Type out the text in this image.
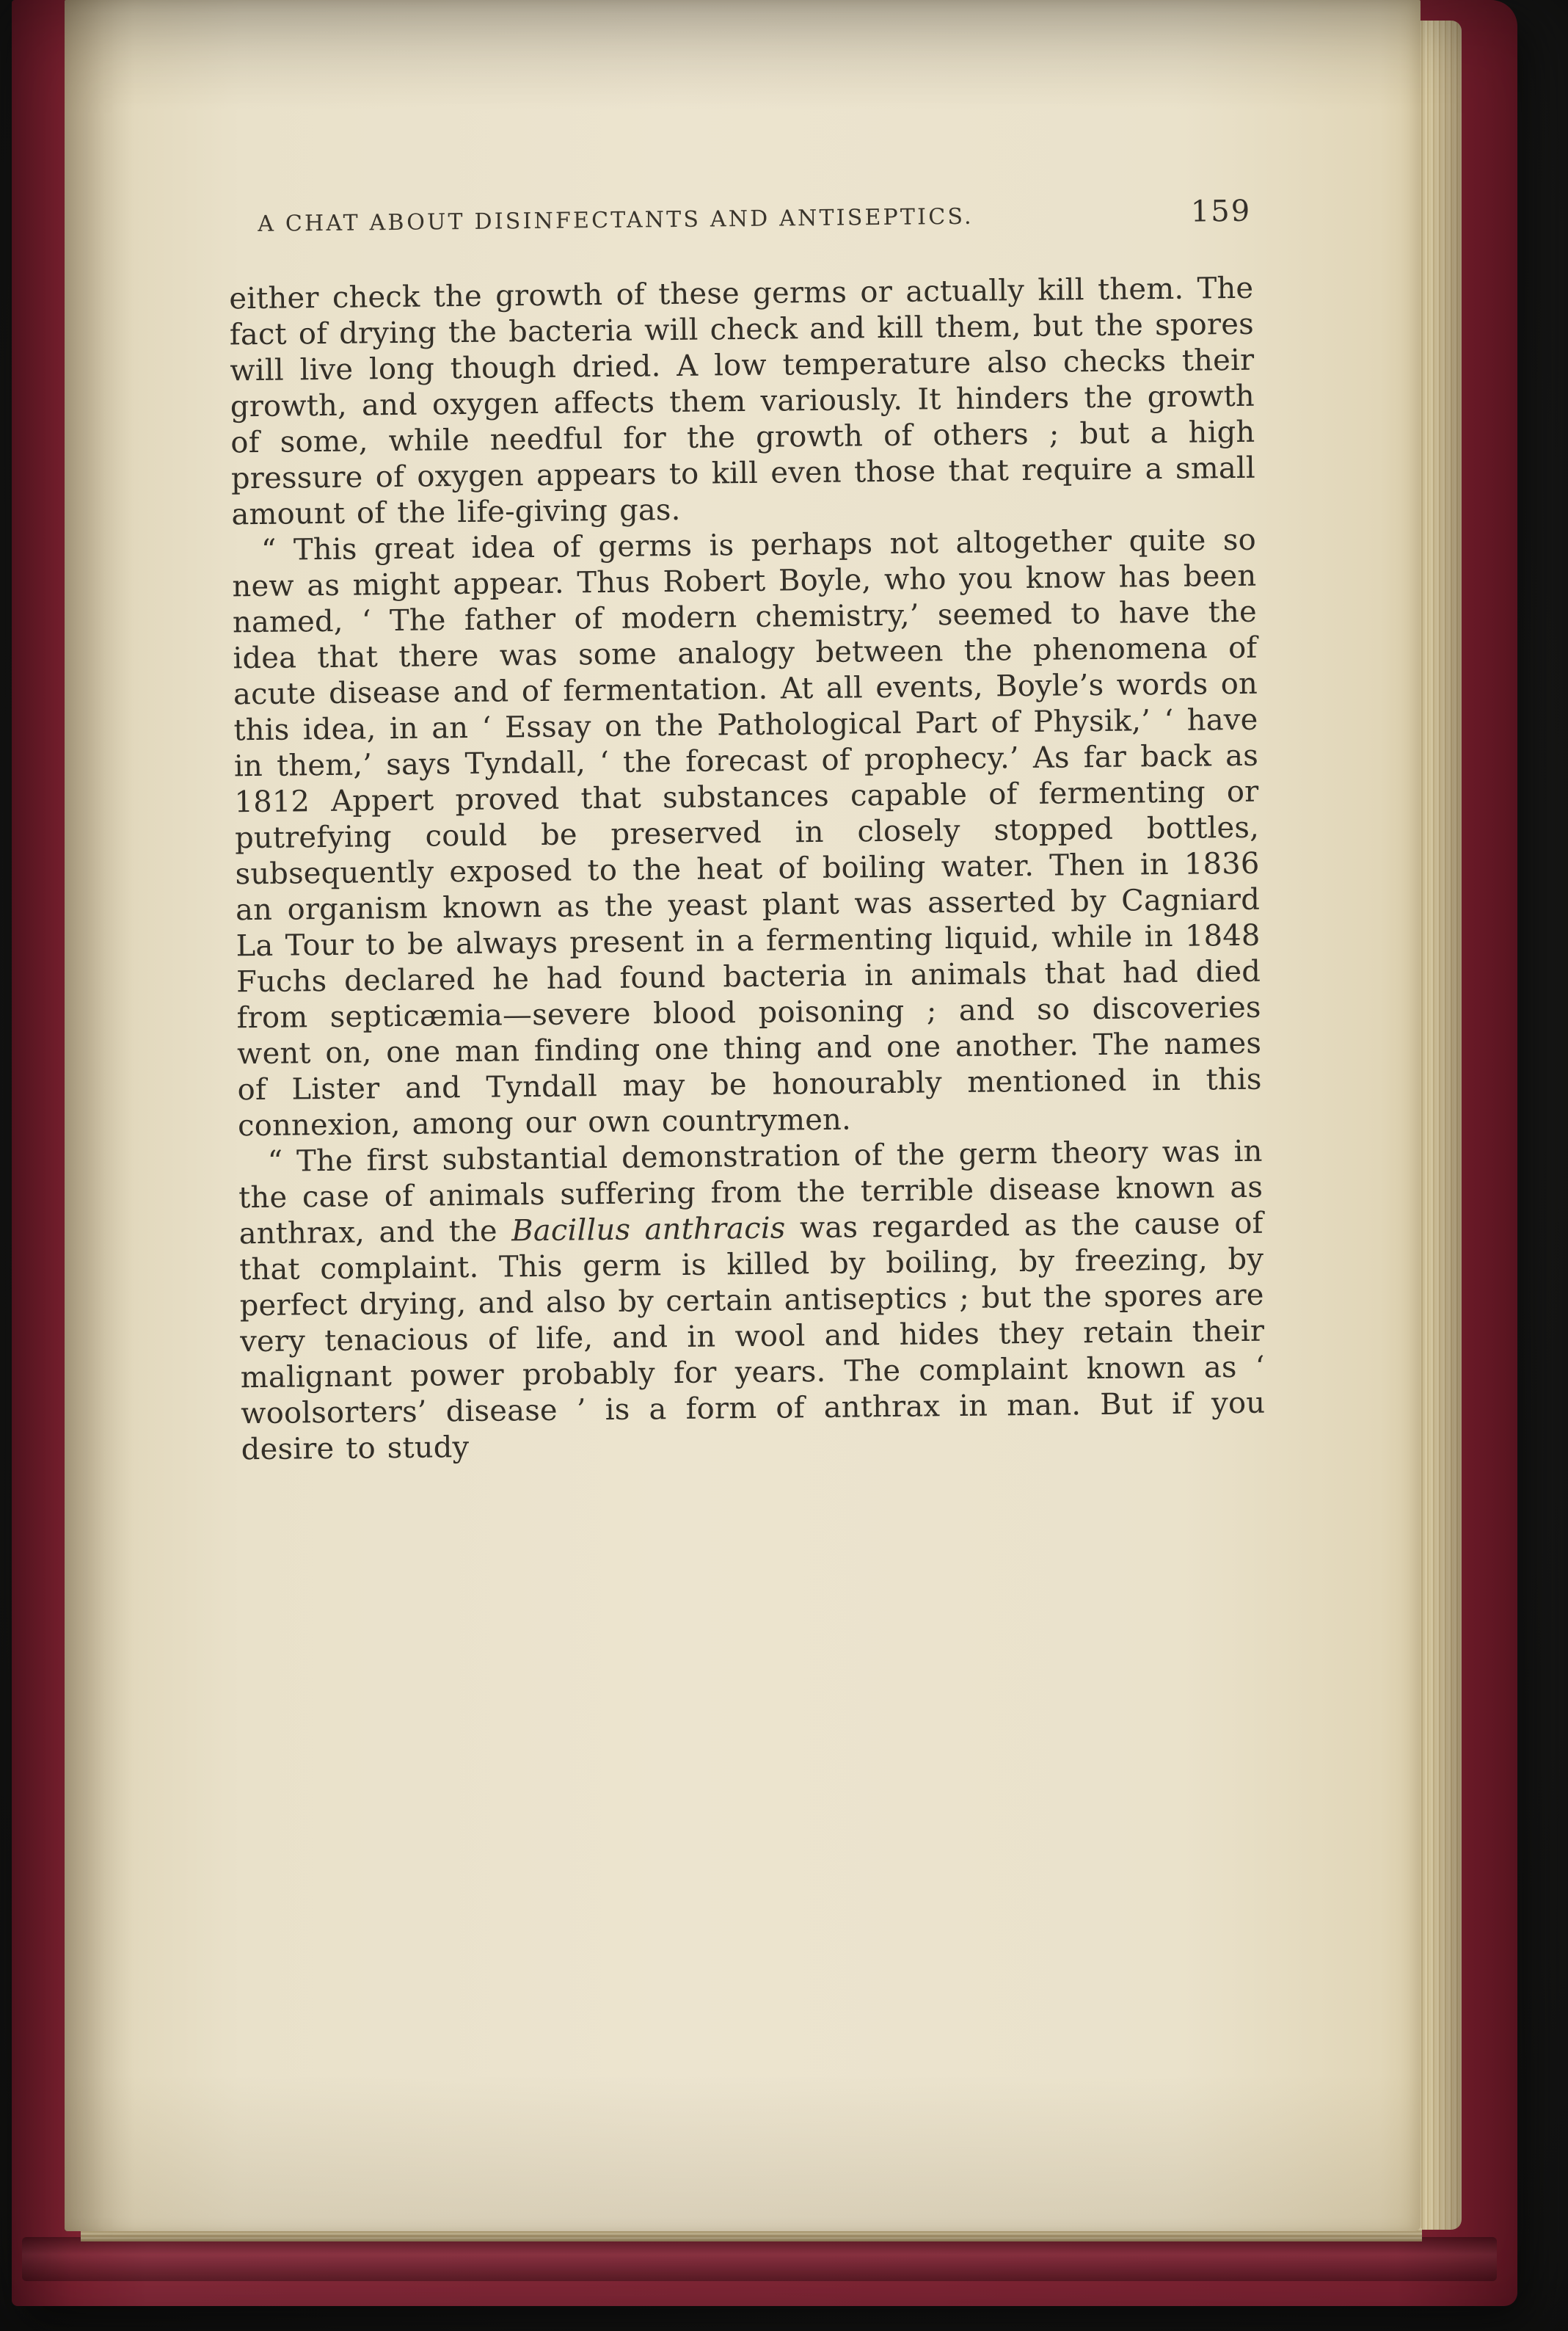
A CHAT ABOUT DISINFECTANTS AND ANTISEPTICS.	159

either check the growth of these germs or actually kill them. The fact of drying the bacteria will check and kill them, but the spores will live long though dried. A low temperature also checks their growth, and oxygen affects them variously. It hinders the growth of some, while needful for the growth of others ; but a high pressure of oxygen appears to kill even those that require a small amount of the life-giving gas.

“ This great idea of germs is perhaps not altogether quite so new as might appear. Thus Robert Boyle, who you know has been named, ‘ The father of modern chemistry,’ seemed to have the idea that there was some analogy between the phenomena of acute disease and of fermentation. At all events, Boyle’s words on this idea, in an ‘ Essay on the Pathological Part of Physik,’ ‘ have in them,’ says Tyndall, ‘ the forecast of prophecy.’ As far back as 1812 Appert proved that substances capable of fermenting or putrefying could be preserved in closely stopped bottles, subsequently exposed to the heat of boiling water. Then in 1836 an organism known as the yeast plant was asserted by Cagniard La Tour to be always present in a fermenting liquid, while in 1848 Fuchs declared he had found bacteria in animals that had died from septicæmia—severe blood poisoning ; and so discoveries went on, one man finding one thing and one another. The names of Lister and Tyndall may be honourably mentioned in this connexion, among our own countrymen.

“ The first substantial demonstration of the germ theory was in the case of animals suffering from the terrible disease known as anthrax, and the Bacillus anthracis was regarded as the cause of that complaint. This germ is killed by boiling, by freezing, by perfect drying, and also by certain antiseptics ; but the spores are very tenacious of life, and in wool and hides they retain their malignant power probably for years. The complaint known as ‘ woolsorters’ disease ’ is a form of anthrax in man. But if you desire to study
